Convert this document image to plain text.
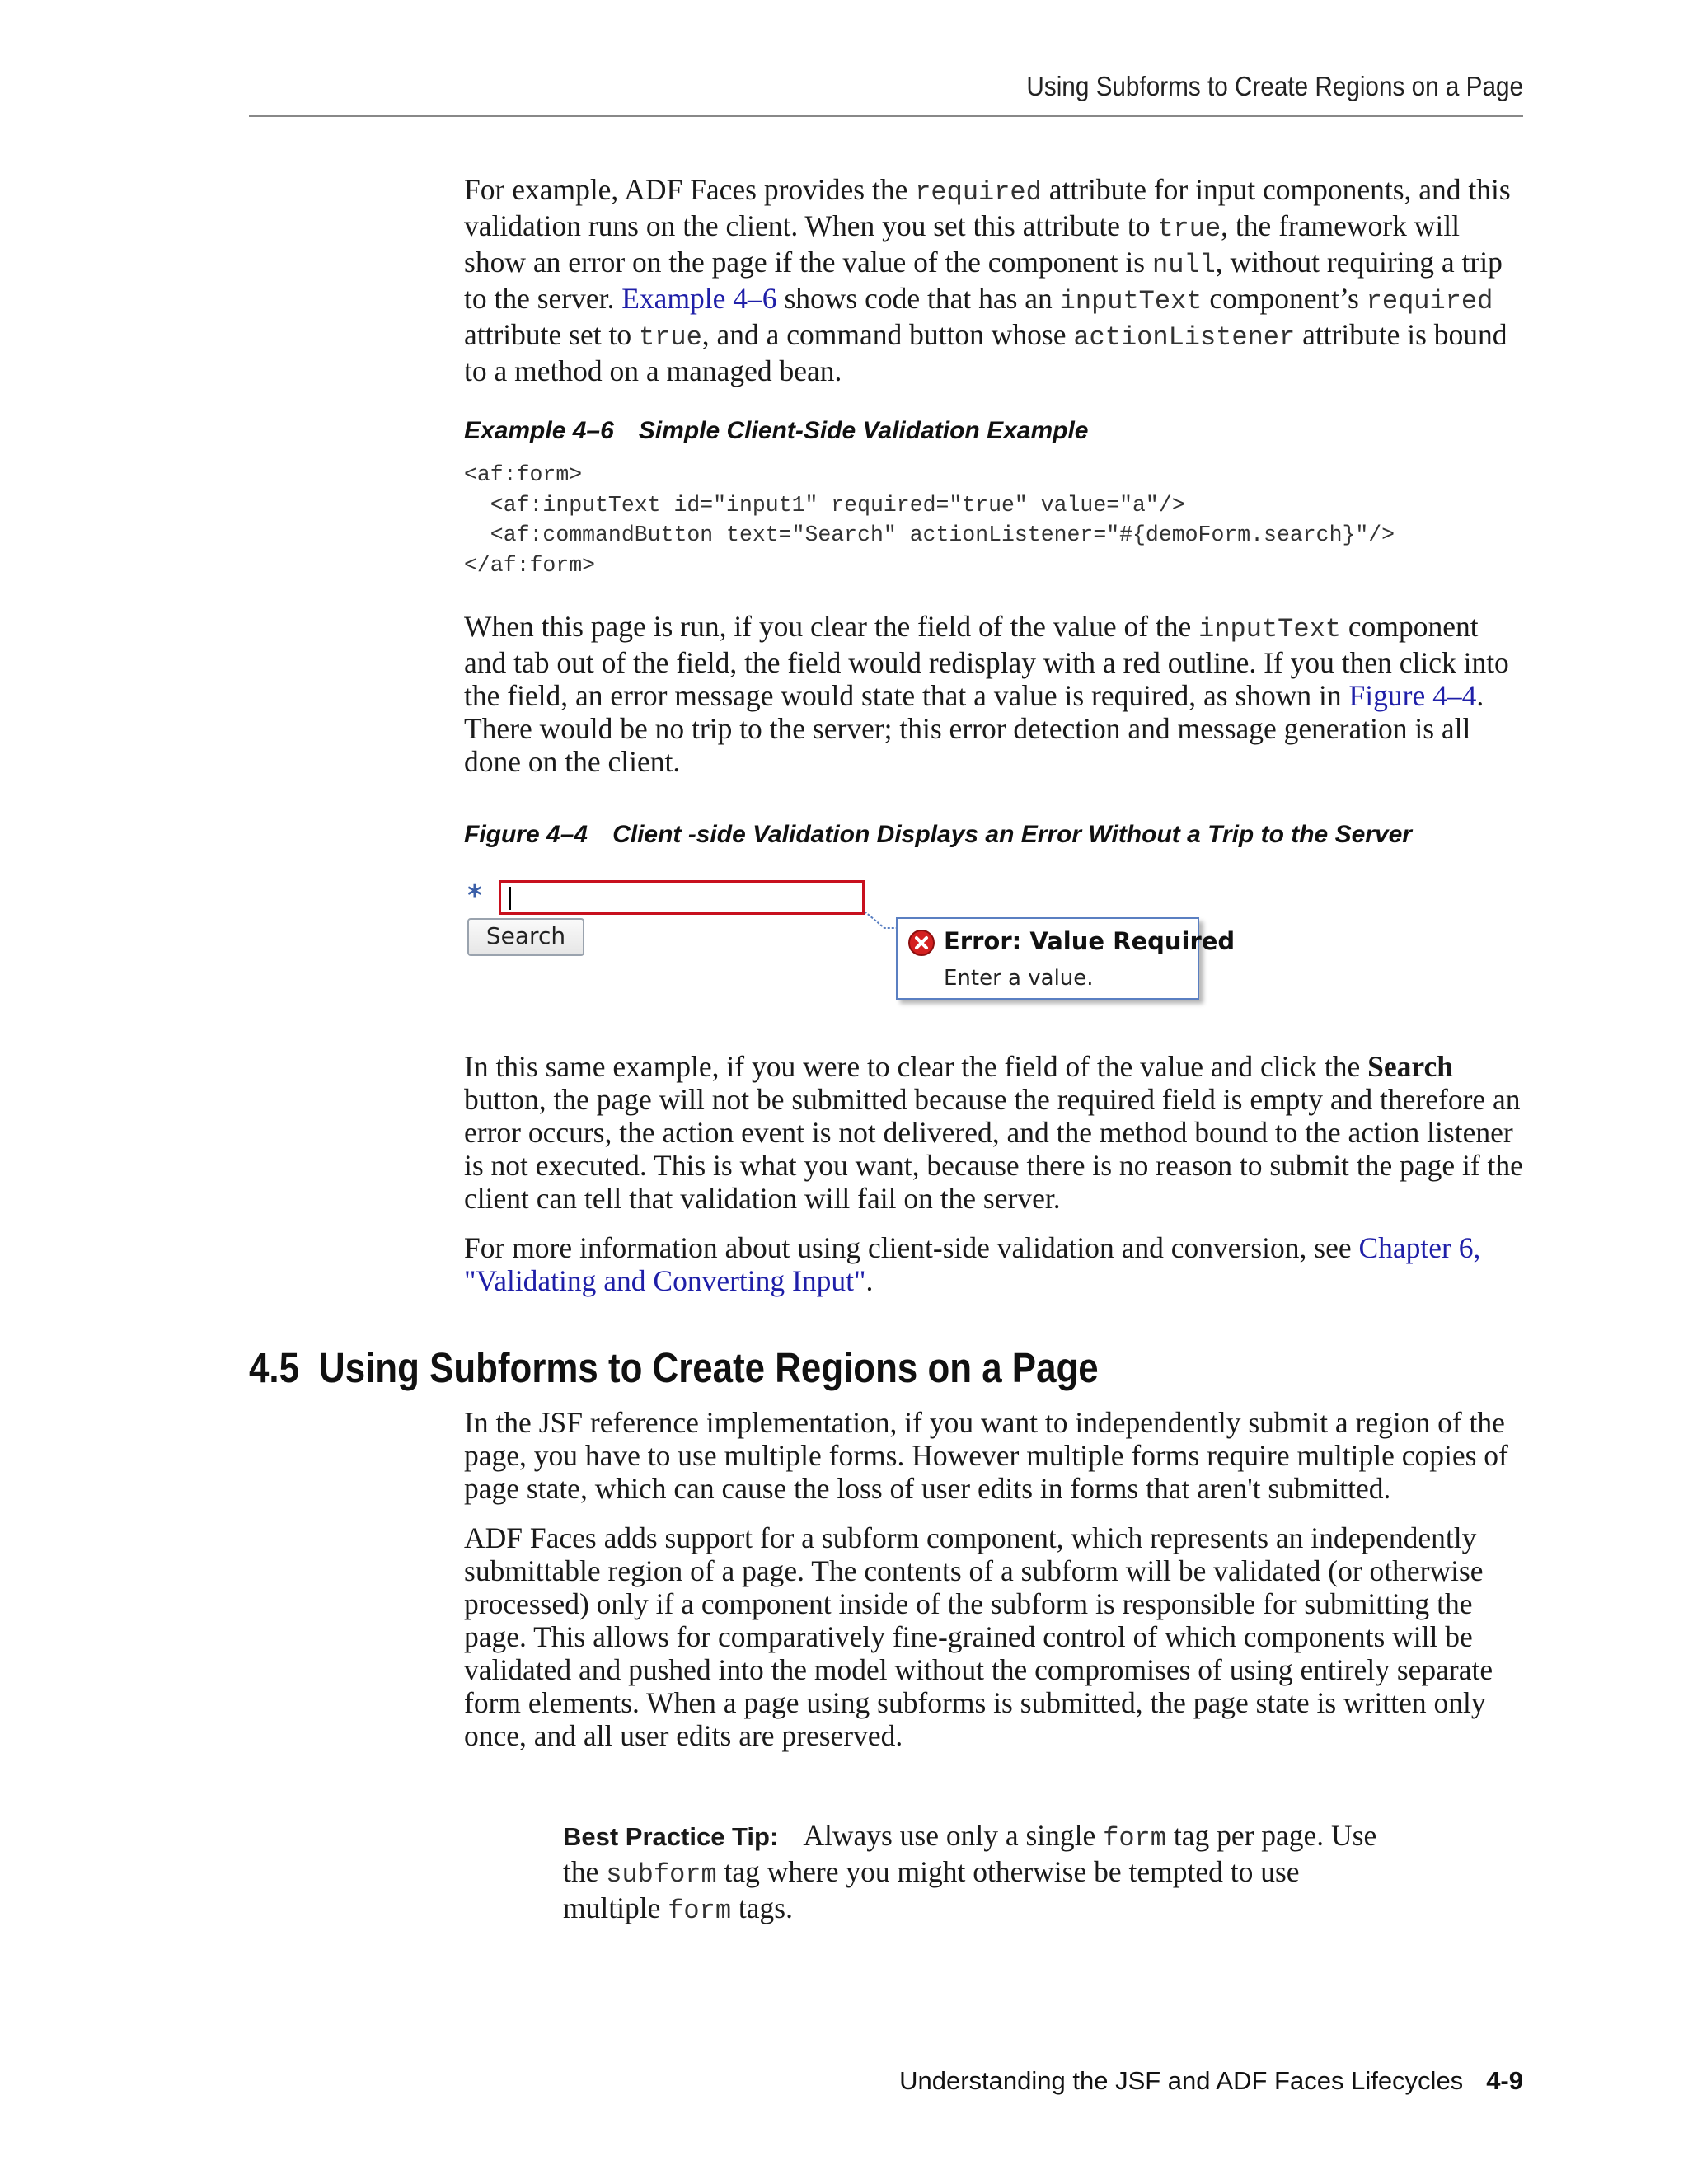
Using Subforms to Create Regions on a Page

For example, ADF Faces provides the required attribute for input components, and this validation runs on the client. When you set this attribute to true, the framework will show an error on the page if the value of the component is null, without requiring a trip to the server. Example 4–6 shows code that has an inputText component’s required attribute set to true, and a command button whose actionListener attribute is bound to a method on a managed bean.

Example 4–6 Simple Client-Side Validation Example

<af:form>
<af:inputText id="input1" required="true" value="a"/>
<af:commandButton text="Search" actionListener="#{demoForm.search}"/>
</af:form>

When this page is run, if you clear the field of the value of the inputText component and tab out of the field, the field would redisplay with a red outline. If you then click into the field, an error message would state that a value is required, as shown in Figure 4–4. There would be no trip to the server; this error detection and message generation is all done on the client.

Figure 4–4 Client -side Validation Displays an Error Without a Trip to the Server

*
Search	Error: Value Required
Enter a value.

In this same example, if you were to clear the field of the value and click the Search button, the page will not be submitted because the required field is empty and therefore an error occurs, the action event is not delivered, and the method bound to the action listener is not executed. This is what you want, because there is no reason to submit the page if the client can tell that validation will fail on the server.

For more information about using client-side validation and conversion, see Chapter 6, "Validating and Converting Input".

4.5 Using Subforms to Create Regions on a Page

In the JSF reference implementation, if you want to independently submit a region of the page, you have to use multiple forms. However multiple forms require multiple copies of page state, which can cause the loss of user edits in forms that aren't submitted.

ADF Faces adds support for a subform component, which represents an independently submittable region of a page. The contents of a subform will be validated (or otherwise processed) only if a component inside of the subform is responsible for submitting the page. This allows for comparatively fine-grained control of which components will be validated and pushed into the model without the compromises of using entirely separate form elements. When a page using subforms is submitted, the page state is written only once, and all user edits are preserved.

Best Practice Tip: Always use only a single form tag per page. Use the subform tag where you might otherwise be tempted to use multiple form tags.

Understanding the JSF and ADF Faces Lifecycles 4-9
